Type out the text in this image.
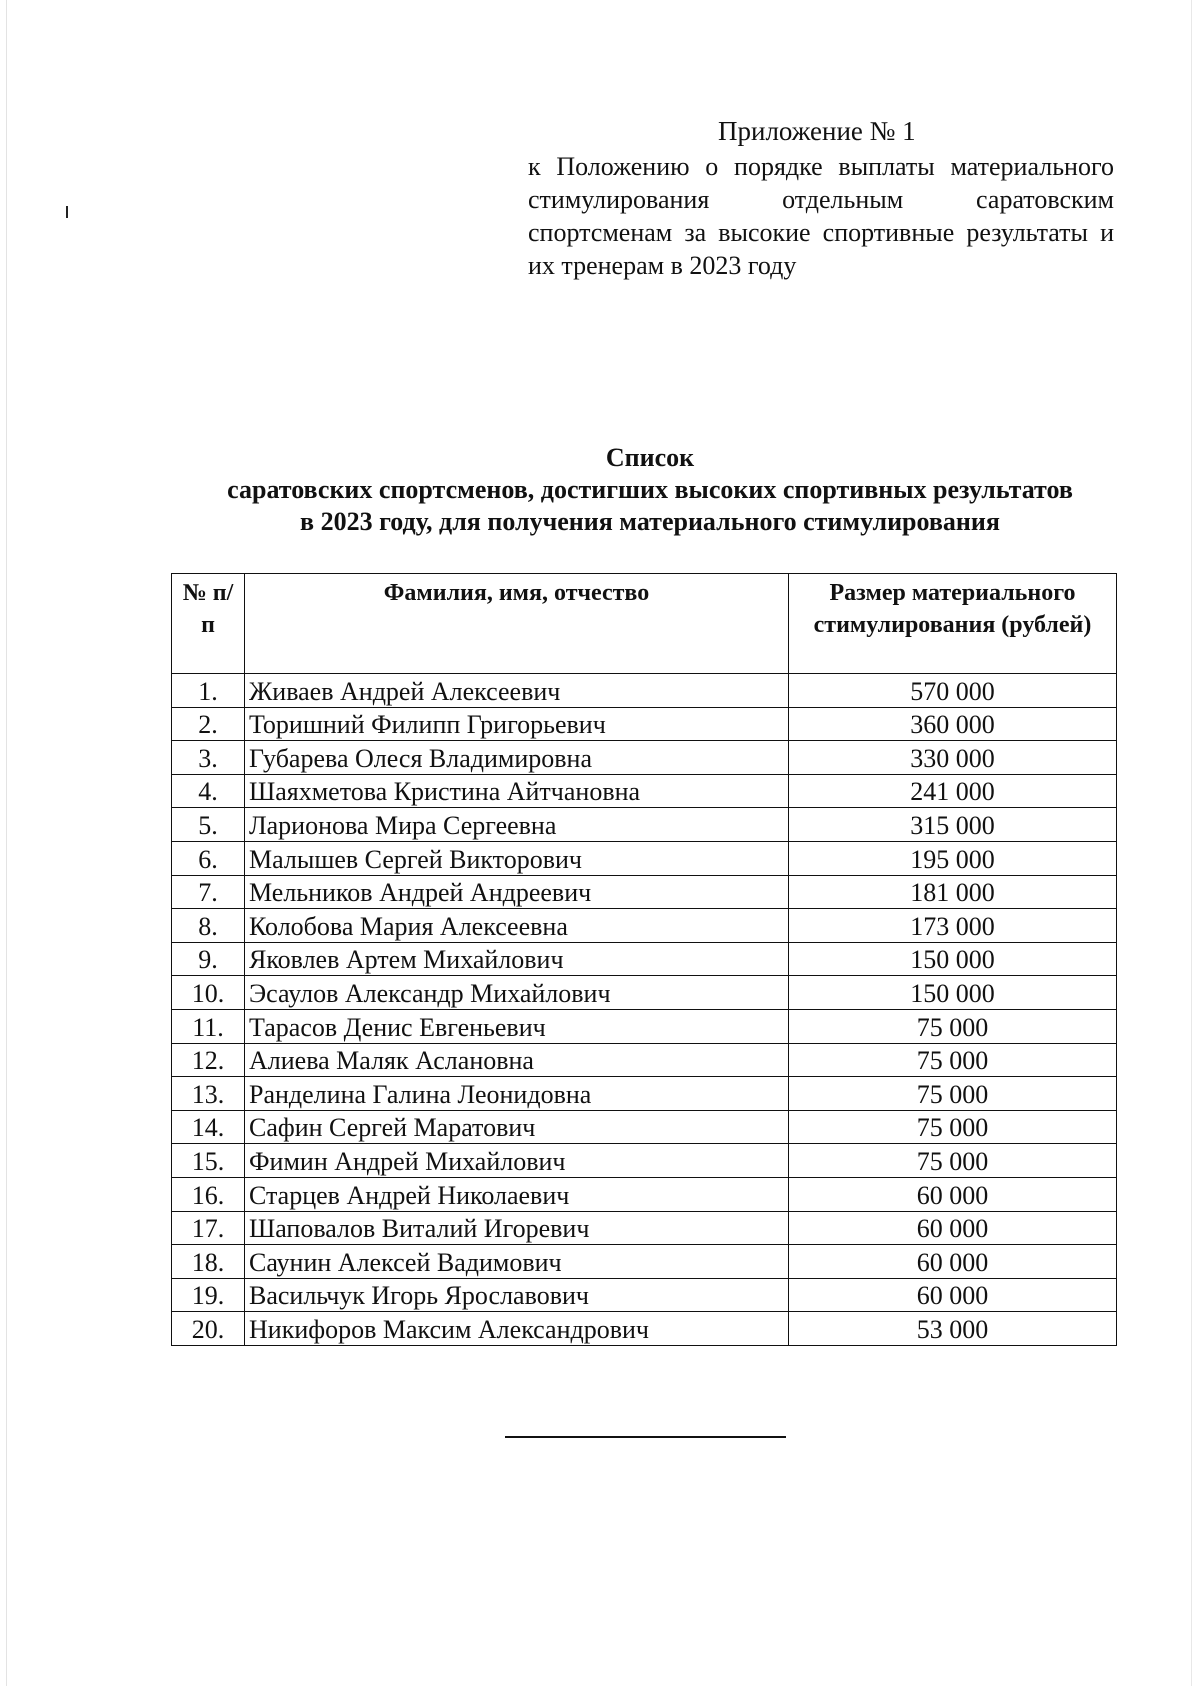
Приложение № 1
к Положению о порядке выплаты материального стимулирования отдельным саратовским спортсменам за высокие спортивные результаты и их тренерам в 2023 году
Список
саратовских спортсменов, достигших высоких спортивных результатов
в 2023 году, для получения материального стимулирования
№ п/п	Фамилия, имя, отчество	Размер материального стимулирования (рублей)
1.	Живаев Андрей Алексеевич	570 000
2.	Торишний Филипп Григорьевич	360 000
3.	Губарева Олеся Владимировна	330 000
4.	Шаяхметова Кристина Айтчановна	241 000
5.	Ларионова Мира Сергеевна	315 000
6.	Малышев Сергей Викторович	195 000
7.	Мельников Андрей Андреевич	181 000
8.	Колобова Мария Алексеевна	173 000
9.	Яковлев Артем Михайлович	150 000
10.	Эсаулов Александр Михайлович	150 000
11.	Тарасов Денис Евгеньевич	75 000
12.	Алиева Маляк Аслановна	75 000
13.	Ранделина Галина Леонидовна	75 000
14.	Сафин Сергей Маратович	75 000
15.	Фимин Андрей Михайлович	75 000
16.	Старцев Андрей Николаевич	60 000
17.	Шаповалов Виталий Игоревич	60 000
18.	Саунин Алексей Вадимович	60 000
19.	Васильчук Игорь Ярославович	60 000
20.	Никифоров Максим Александрович	53 000
